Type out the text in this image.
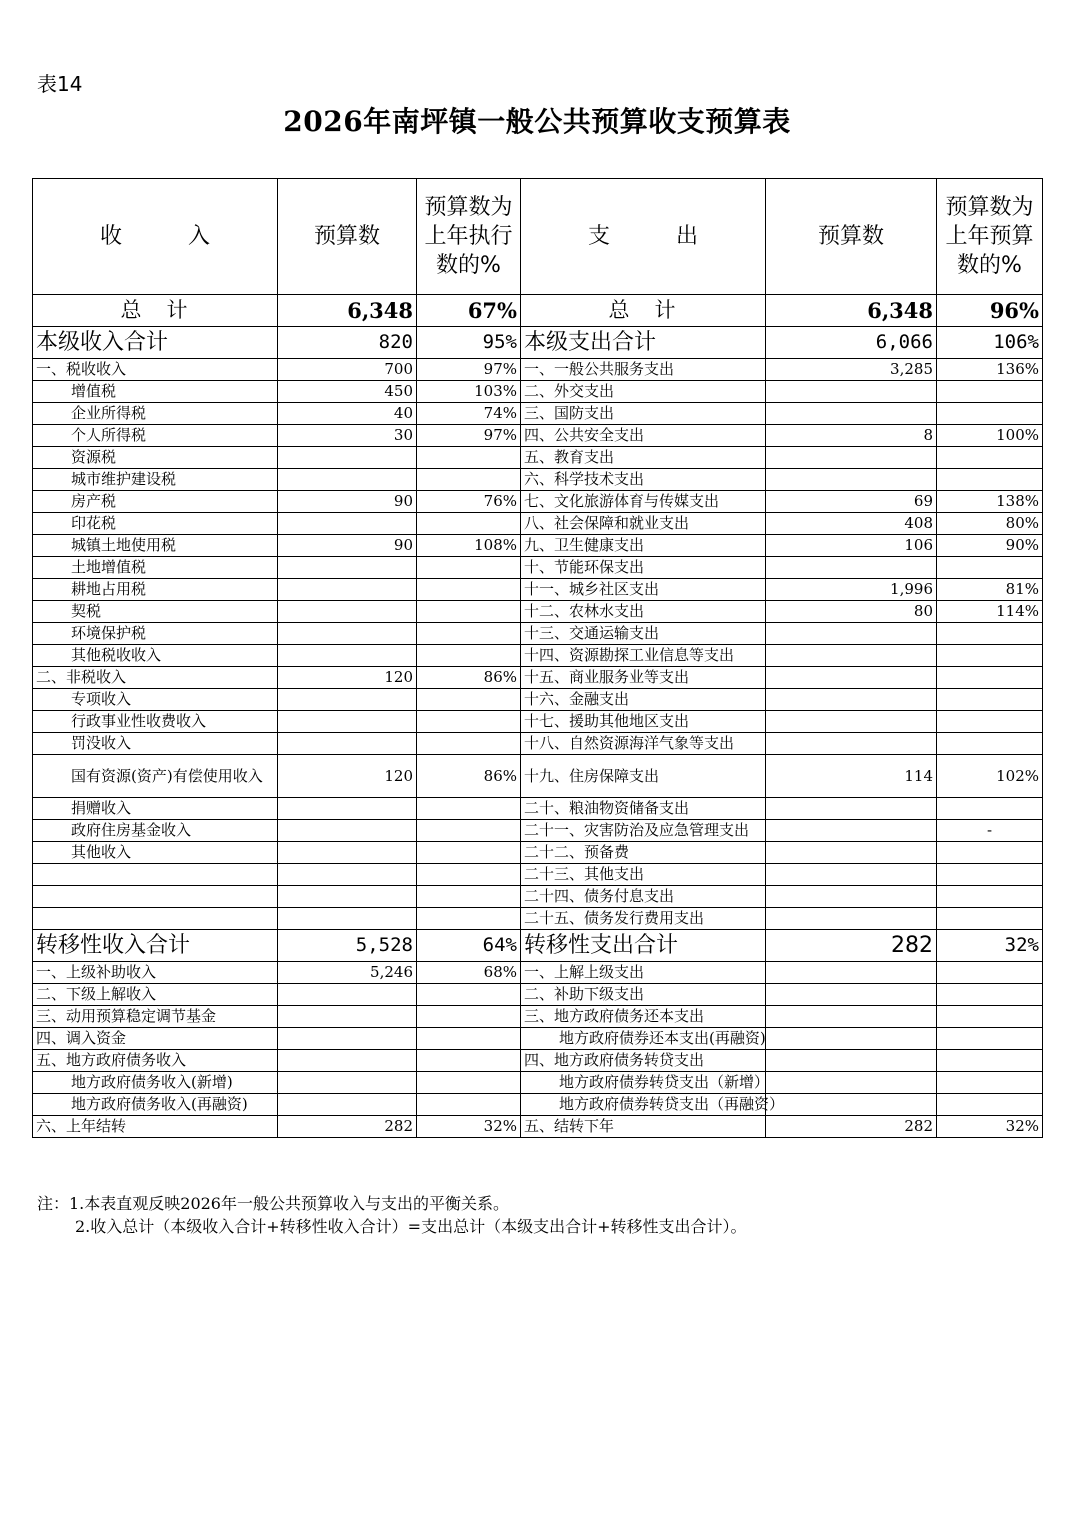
表14
2026年南坪镇一般公共预算收支预算表
收　　　入	预算数	预算数为上年执行数的%	支　　　出	预算数	预算数为上年预算数的%
总　计	6,348	67%	总　计	6,348	96%
本级收入合计	820	95%	本级支出合计	6,066	106%
一、税收收入	700	97%	一、一般公共服务支出	3,285	136%
增值税	450	103%	二、外交支出		
企业所得税	40	74%	三、国防支出		
个人所得税	30	97%	四、公共安全支出	8	100%
资源税			五、教育支出		
城市维护建设税			六、科学技术支出		
房产税	90	76%	七、文化旅游体育与传媒支出	69	138%
印花税			八、社会保障和就业支出	408	80%
城镇土地使用税	90	108%	九、卫生健康支出	106	90%
土地增值税			十、节能环保支出		
耕地占用税			十一、城乡社区支出	1,996	81%
契税			十二、农林水支出	80	114%
环境保护税			十三、交通运输支出		
其他税收收入			十四、资源勘探工业信息等支出		
二、非税收入	120	86%	十五、商业服务业等支出		
专项收入			十六、金融支出		
行政事业性收费收入			十七、援助其他地区支出		
罚没收入			十八、自然资源海洋气象等支出		
国有资源(资产)有偿使用收入	120	86%	十九、住房保障支出	114	102%
捐赠收入			二十、粮油物资储备支出		
政府住房基金收入			二十一、灾害防治及应急管理支出		-
其他收入			二十二、预备费		
			二十三、其他支出		
			二十四、债务付息支出		
			二十五、债务发行费用支出		
转移性收入合计	5,528	64%	转移性支出合计	282	32%
一、上级补助收入	5,246	68%	一、上解上级支出		
二、下级上解收入			二、补助下级支出		
三、动用预算稳定调节基金			三、地方政府债务还本支出		
四、调入资金			地方政府债券还本支出(再融资)		
五、地方政府债务收入			四、地方政府债务转贷支出		
地方政府债务收入(新增)			地方政府债券转贷支出（新增）		
地方政府债务收入(再融资)			地方政府债券转贷支出（再融资）		
六、上年结转	282	32%	五、结转下年	282	32%
注：1.本表直观反映2026年一般公共预算收入与支出的平衡关系。
2.收入总计（本级收入合计+转移性收入合计）=支出总计（本级支出合计+转移性支出合计）。
